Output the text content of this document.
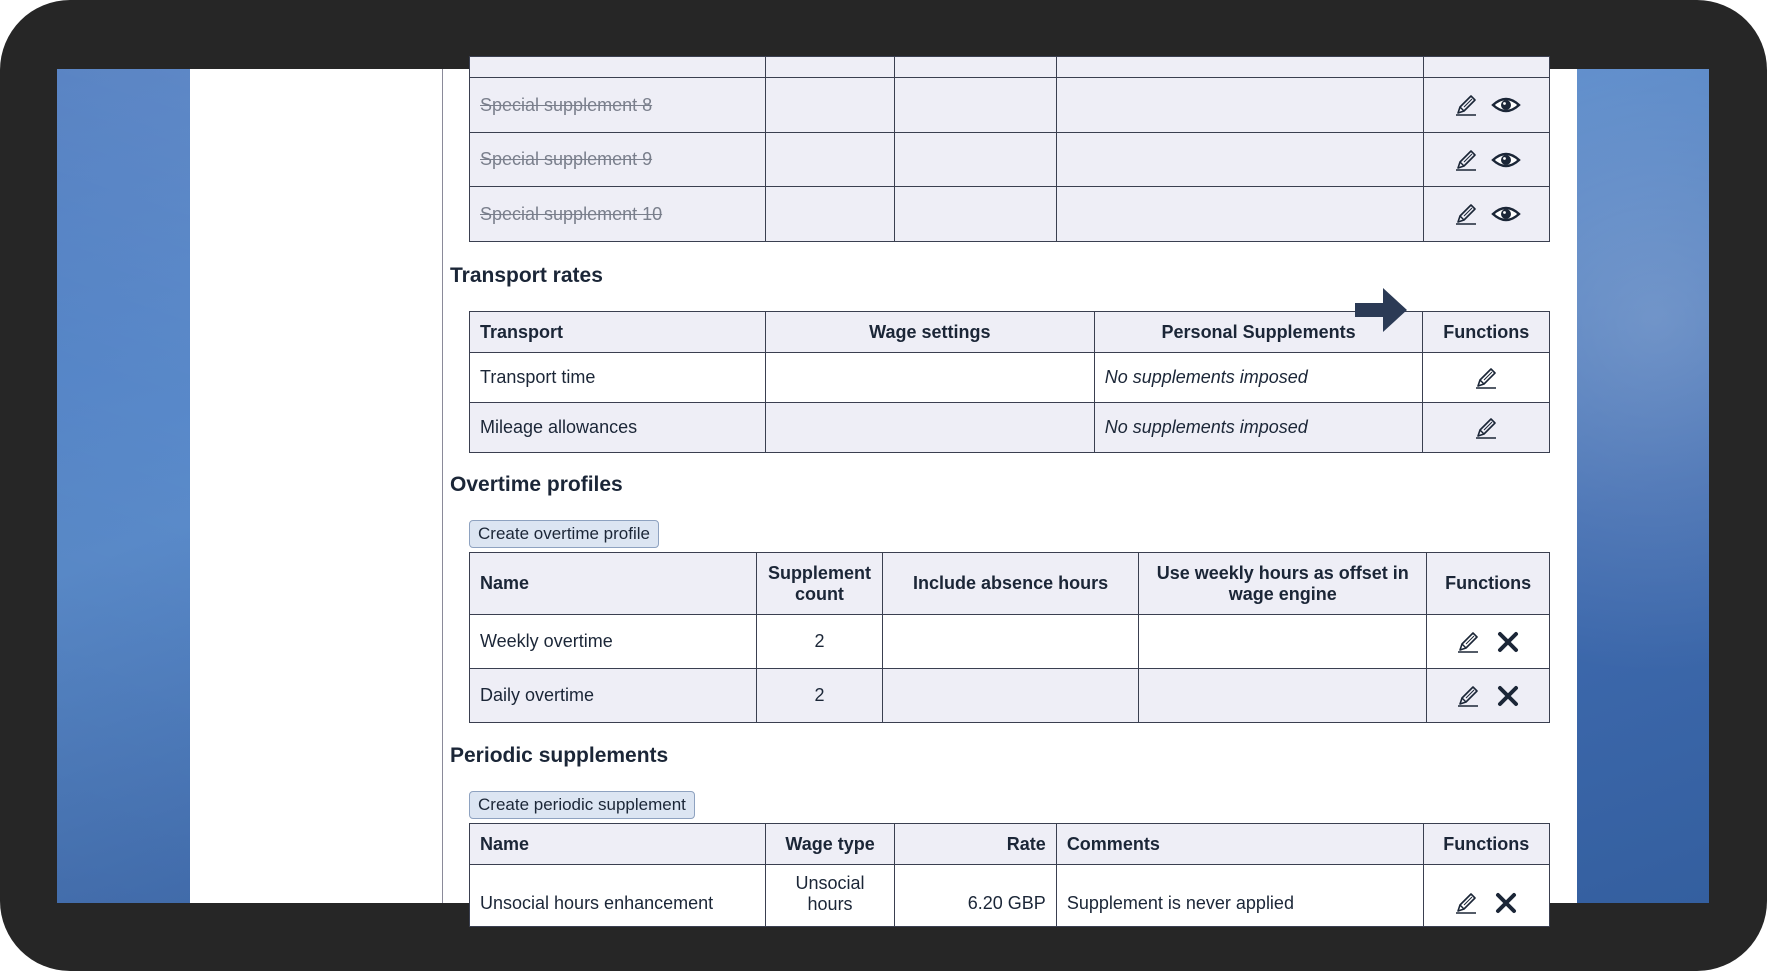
Special supplement 8				

Special supplement 9				

Special supplement 10				
Transport rates
Transport	Wage settings	Personal Supplements	Functions
Transport time		No supplements imposed	

Mileage allowances		No supplements imposed	
Overtime profiles
Create overtime profile
Name	Supplement count	Include absence hours	Use weekly hours as offset in wage engine	Functions
Weekly overtime	2			

Daily overtime	2			
Periodic supplements
Create periodic supplement
Name	Wage type	Rate	Comments	Functions
Unsocial hours enhancement	Unsocial hours	6.20 GBP	Supplement is never applied	
